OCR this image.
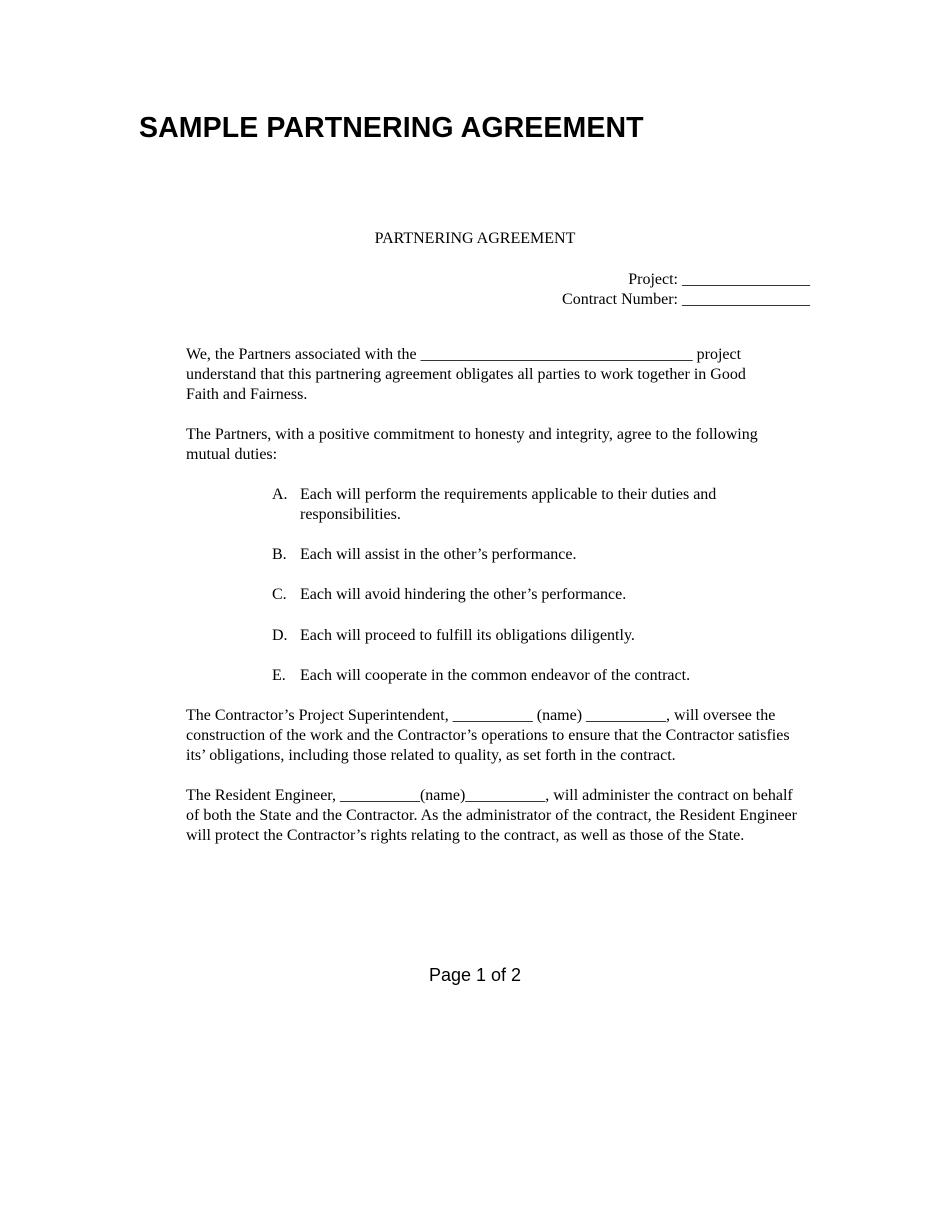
SAMPLE PARTNERING AGREEMENT
PARTNERING AGREEMENT
Project: ________________
Contract Number: ________________

We, the Partners associated with the __________________________________ project understand that this partnering agreement obligates all parties to work together in Good Faith and Fairness.

The Partners, with a positive commitment to honesty and integrity, agree to the following mutual duties:

A. Each will perform the requirements applicable to their duties and responsibilities.
B. Each will assist in the other’s performance.
C. Each will avoid hindering the other’s performance.
D. Each will proceed to fulfill its obligations diligently.
E. Each will cooperate in the common endeavor of the contract.

The Contractor’s Project Superintendent, __________ (name) __________, will oversee the construction of the work and the Contractor’s operations to ensure that the Contractor satisfies its’ obligations, including those related to quality, as set forth in the contract.

The Resident Engineer, __________(name)__________, will administer the contract on behalf of both the State and the Contractor. As the administrator of the contract, the Resident Engineer will protect the Contractor’s rights relating to the contract, as well as those of the State.

Page 1 of 2
